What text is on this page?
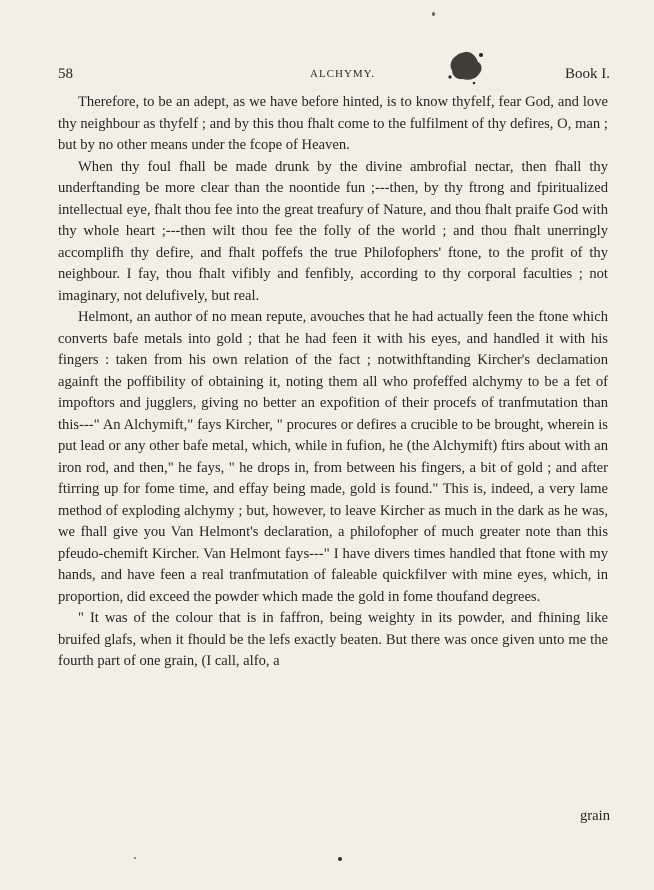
58	ALCHYMY.	Book I.

Therefore, to be an adept, as we have before hinted, is to know thyfelf, fear God, and love thy neighbour as thyfelf ; and by this thou fhalt come to the fulfilment of thy defires, O, man ; but by no other means under the fcope of Heaven.

When thy foul fhall be made drunk by the divine ambrofial nectar, then fhall thy underftanding be more clear than the noontide fun ;---then, by thy ftrong and fpiritualized intellectual eye, fhalt thou fee into the great treafury of Nature, and thou fhalt praife God with thy whole heart ;---then wilt thou fee the folly of the world ; and thou fhalt unerringly accomplifh thy defire, and fhalt poffefs the true Philofophers' ftone, to the profit of thy neighbour. I fay, thou fhalt vifibly and fenfibly, according to thy corporal faculties ; not imaginary, not delufively, but real.

Helmont, an author of no mean repute, avouches that he had actually feen the ftone which converts bafe metals into gold ; that he had feen it with his eyes, and handled it with his fingers : taken from his own relation of the fact ; notwithftanding Kircher's declamation againft the poffibility of obtaining it, noting them all who profeffed alchymy to be a fet of impoftors and jugglers, giving no better an expofition of their procefs of tranfmutation than this---" An Alchymift," fays Kircher, " procures or defires a crucible to be brought, wherein is put lead or any other bafe metal, which, while in fufion, he (the Alchymift) ftirs about with an iron rod, and then," he fays, " he drops in, from between his fingers, a bit of gold ; and after ftirring up for fome time, and effay being made, gold is found." This is, indeed, a very lame method of exploding alchymy ; but, however, to leave Kircher as much in the dark as he was, we fhall give you Van Helmont's declaration, a philofopher of much greater note than this pfeudo-chemift Kircher. Van Helmont fays---" I have divers times handled that ftone with my hands, and have feen a real tranfmutation of faleable quickfilver with mine eyes, which, in proportion, did exceed the powder which made the gold in fome thoufand degrees.

" It was of the colour that is in faffron, being weighty in its powder, and fhining like bruifed glafs, when it fhould be the lefs exactly beaten. But there was once given unto me the fourth part of one grain, (I call, alfo, a

grain
